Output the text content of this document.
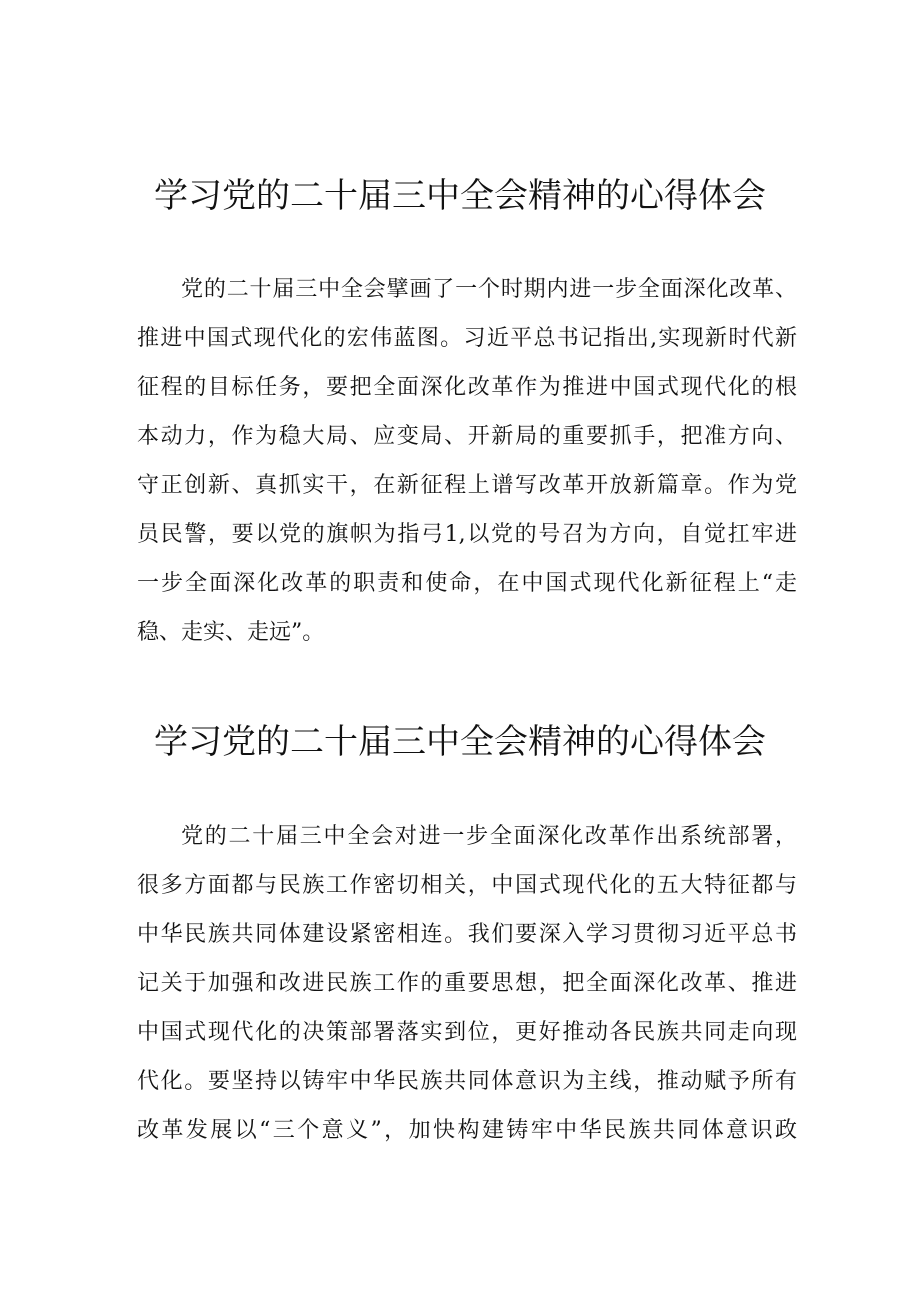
学习党的二十届三中全会精神的心得体会
党的二十届三中全会擘画了一个时期内进一步全面深化改革、
推进中国式现代化的宏伟蓝图。习近平总书记指出,实现新时代新
征程的目标任务，要把全面深化改革作为推进中国式现代化的根
本动力，作为稳大局、应变局、开新局的重要抓手，把准方向、
守正创新、真抓实干，在新征程上谱写改革开放新篇章。作为党
员民警，要以党的旗帜为指弓1,以党的号召为方向，自觉扛牢进
一步全面深化改革的职责和使命，在中国式现代化新征程上“走
稳、走实、走远”。
学习党的二十届三中全会精神的心得体会
党的二十届三中全会对进一步全面深化改革作出系统部署，
很多方面都与民族工作密切相关，中国式现代化的五大特征都与
中华民族共同体建设紧密相连。我们要深入学习贯彻习近平总书
记关于加强和改进民族工作的重要思想，把全面深化改革、推进
中国式现代化的决策部署落实到位，更好推动各民族共同走向现
代化。要坚持以铸牢中华民族共同体意识为主线，推动赋予所有
改革发展以“三个意义”，加快构建铸牢中华民族共同体意识政
